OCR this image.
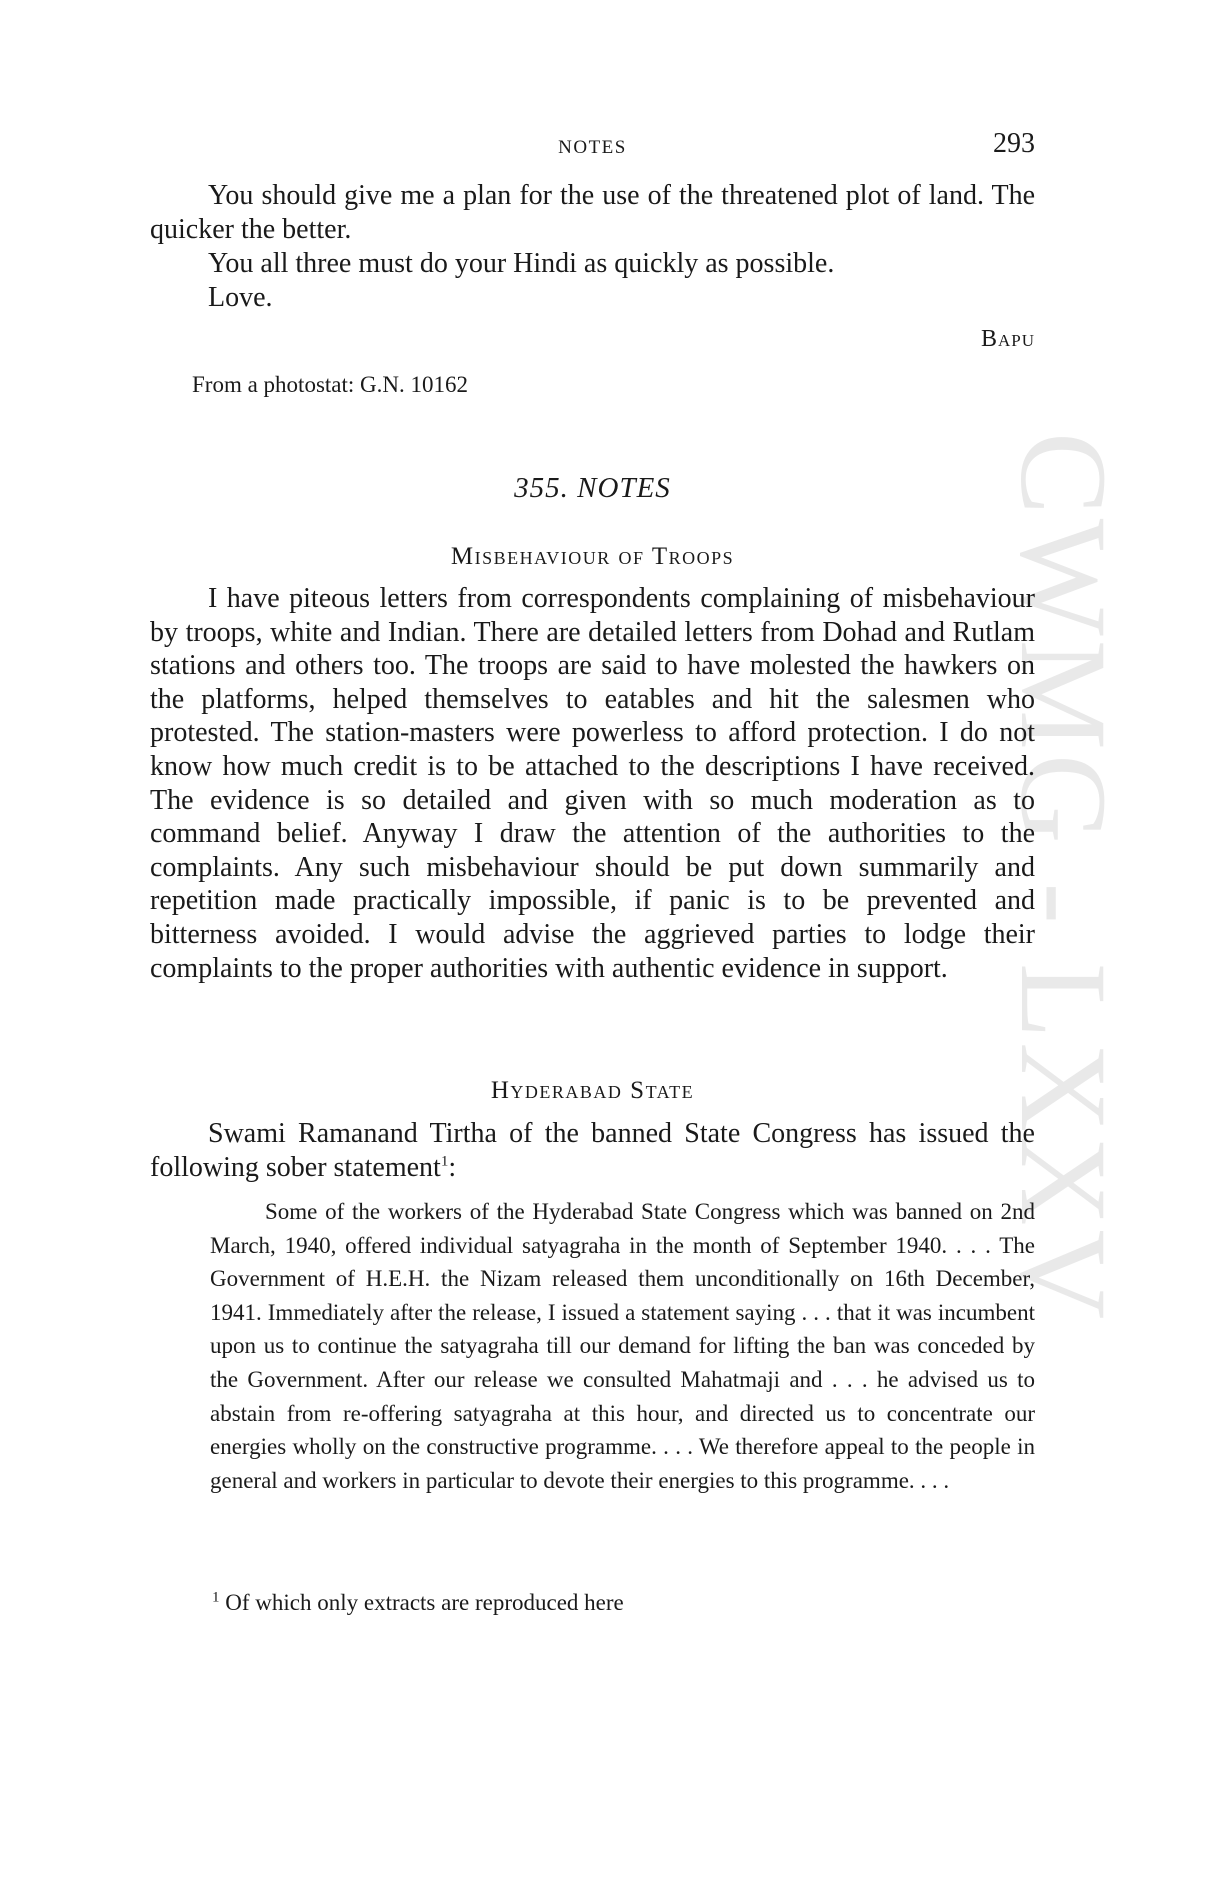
CWMG - LXXV
NOTES	293

You should give me a plan for the use of the threatened plot of land. The quicker the better.

You all three must do your Hindi as quickly as possible.

Love.

Bapu
From a photostat: G.N. 10162
355. NOTES
Misbehaviour of Troops

I have piteous letters from correspondents complaining of misbehaviour by troops, white and Indian. There are detailed letters from Dohad and Rutlam stations and others too. The troops are said to have molested the hawkers on the platforms, helped themselves to eatables and hit the salesmen who protested. The station-masters were powerless to afford protection. I do not know how much credit is to be attached to the descriptions I have received. The evidence is so detailed and given with so much moderation as to command belief. Anyway I draw the attention of the authorities to the complaints. Any such misbehaviour should be put down summarily and repetition made practically impossible, if panic is to be prevented and bitterness avoided. I would advise the aggrieved parties to lodge their complaints to the proper authorities with authentic evidence in support.

Hyderabad State

Swami Ramanand Tirtha of the banned State Congress has issued the following sober statement$^1$:

Some of the workers of the Hyderabad State Congress which was banned on 2nd March, 1940, offered individual satyagraha in the month of September 1940. . . . The Government of H.E.H. the Nizam released them unconditionally on 16th December, 1941. Immediately after the release, I issued a statement saying . . . that it was incumbent upon us to continue the satyagraha till our demand for lifting the ban was conceded by the Government. After our release we consulted Mahatmaji and . . . he advised us to abstain from re-offering satyagraha at this hour, and directed us to concentrate our energies wholly on the constructive programme. . . . We therefore appeal to the people in general and workers in particular to devote their energies to this programme. . . .

$^1$ Of which only extracts are reproduced here
